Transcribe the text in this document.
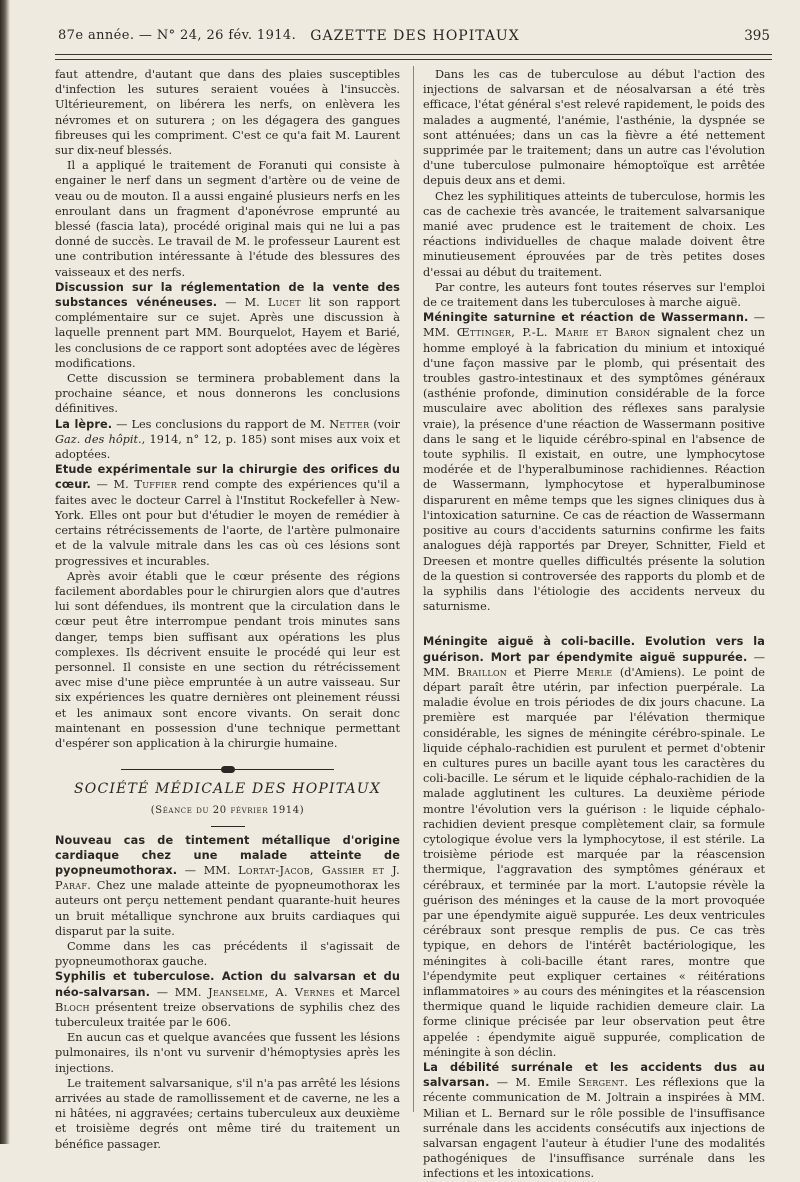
87e année. — N° 24, 26 fév. 1914.	GAZETTE DES HOPITAUX	395

faut attendre, d'autant que dans des plaies susceptibles d'infection les sutures seraient vouées à l'insuccès. Ultérieurement, on libérera les nerfs, on enlèvera les névromes et on suturera ; on les dégagera des gangues fibreuses qui les compriment. C'est ce qu'a fait M. Laurent sur dix-neuf blessés.

Il a appliqué le traitement de Foranuti qui consiste à engainer le nerf dans un segment d'artère ou de veine de veau ou de mouton. Il a aussi engainé plusieurs nerfs en les enroulant dans un fragment d'aponévrose emprunté au blessé (fascia lata), procédé original mais qui ne lui a pas donné de succès. Le travail de M. le professeur Laurent est une contribution intéressante à l'étude des blessures des vaisseaux et des nerfs.

Discussion sur la réglementation de la vente des substances vénéneuses. — M. Lucet lit son rapport complémentaire sur ce sujet. Après une discussion à laquelle prennent part MM. Bourquelot, Hayem et Barié, les conclusions de ce rapport sont adoptées avec de légères modifications.

Cette discussion se terminera probablement dans la prochaine séance, et nous donnerons les conclusions définitives.

La lèpre. — Les conclusions du rapport de M. Netter (voir Gaz. des hôpit., 1914, n° 12, p. 185) sont mises aux voix et adoptées.

Etude expérimentale sur la chirurgie des orifices du cœur. — M. Tuffier rend compte des expériences qu'il a faites avec le docteur Carrel à l'Institut Rockefeller à New-York. Elles ont pour but d'étudier le moyen de remédier à certains rétrécissements de l'aorte, de l'artère pulmonaire et de la valvule mitrale dans les cas où ces lésions sont progressives et incurables.

Après avoir établi que le cœur présente des régions facilement abordables pour le chirurgien alors que d'autres lui sont défendues, ils montrent que la circulation dans le cœur peut être interrompue pendant trois minutes sans danger, temps bien suffisant aux opérations les plus complexes. Ils décrivent ensuite le procédé qui leur est personnel. Il consiste en une section du rétrécissement avec mise d'une pièce empruntée à un autre vaisseau. Sur six expériences les quatre dernières ont pleinement réussi et les animaux sont encore vivants. On serait donc maintenant en possession d'une technique permettant d'espérer son application à la chirurgie humaine.

SOCIÉTÉ MÉDICALE DES HOPITAUX
(Séance du 20 février 1914)

Nouveau cas de tintement métallique d'origine cardiaque chez une malade atteinte de pyopneumothorax. — MM. Lortat-Jacob, Gassier et J. Paraf. Chez une malade atteinte de pyopneumothorax les auteurs ont perçu nettement pendant quarante-huit heures un bruit métallique synchrone aux bruits cardiaques qui disparut par la suite.

Comme dans les cas précédents il s'agissait de pyopneumothorax gauche.

Syphilis et tuberculose. Action du salvarsan et du néo-salvarsan. — MM. Jeanselme, A. Vernes et Marcel Bloch présentent treize observations de syphilis chez des tuberculeux traitée par le 606.

En aucun cas et quelque avancées que fussent les lésions pulmonaires, ils n'ont vu survenir d'hémoptysies après les injections.

Le traitement salvarsanique, s'il n'a pas arrêté les lésions arrivées au stade de ramollissement et de caverne, ne les a ni hâtées, ni aggravées; certains tuberculeux aux deuxième et troisième degrés ont même tiré du traitement un bénéfice passager.

Dans les cas de tuberculose au début l'action des injections de salvarsan et de néosalvarsan a été très efficace, l'état général s'est relevé rapidement, le poids des malades a augmenté, l'anémie, l'asthénie, la dyspnée se sont atténuées; dans un cas la fièvre a été nettement supprimée par le traitement; dans un autre cas l'évolution d'une tuberculose pulmonaire hémoptoïque est arrêtée depuis deux ans et demi.

Chez les syphilitiques atteints de tuberculose, hormis les cas de cachexie très avancée, le traitement salvarsanique manié avec prudence est le traitement de choix. Les réactions individuelles de chaque malade doivent être minutieusement éprouvées par de très petites doses d'essai au début du traitement.

Par contre, les auteurs font toutes réserves sur l'emploi de ce traitement dans les tuberculoses à marche aiguë.

Méningite saturnine et réaction de Wassermann. — MM. Œttinger, P.-L. Marie et Baron signalent chez un homme employé à la fabrication du minium et intoxiqué d'une façon massive par le plomb, qui présentait des troubles gastro-intestinaux et des symptômes généraux (asthénie profonde, diminution considérable de la force musculaire avec abolition des réflexes sans paralysie vraie), la présence d'une réaction de Wassermann positive dans le sang et le liquide cérébro-spinal en l'absence de toute syphilis. Il existait, en outre, une lymphocytose modérée et de l'hyperalbuminose rachidiennes. Réaction de Wassermann, lymphocytose et hyperalbuminose disparurent en même temps que les signes cliniques dus à l'intoxication saturnine. Ce cas de réaction de Wassermann positive au cours d'accidents saturnins confirme les faits analogues déjà rapportés par Dreyer, Schnitter, Field et Dreesen et montre quelles difficultés présente la solution de la question si controversée des rapports du plomb et de la syphilis dans l'étiologie des accidents nerveux du saturnisme.

Méningite aiguë à coli-bacille. Evolution vers la guérison. Mort par épendymite aiguë suppurée. — MM. Braillon et Pierre Merle (d'Amiens). Le point de départ paraît être utérin, par infection puerpérale. La maladie évolue en trois périodes de dix jours chacune. La première est marquée par l'élévation thermique considérable, les signes de méningite cérébro-spinale. Le liquide céphalo-rachidien est purulent et permet d'obtenir en cultures pures un bacille ayant tous les caractères du coli-bacille. Le sérum et le liquide céphalo-rachidien de la malade agglutinent les cultures. La deuxième période montre l'évolution vers la guérison : le liquide céphalo-rachidien devient presque complètement clair, sa formule cytologique évolue vers la lymphocytose, il est stérile. La troisième période est marquée par la réascension thermique, l'aggravation des symptômes généraux et cérébraux, et terminée par la mort. L'autopsie révèle la guérison des méninges et la cause de la mort provoquée par une épendymite aiguë suppurée. Les deux ventricules cérébraux sont presque remplis de pus. Ce cas très typique, en dehors de l'intérêt bactériologique, les méningites à coli-bacille étant rares, montre que l'épendymite peut expliquer certaines « réitérations inflammatoires » au cours des méningites et la réascension thermique quand le liquide rachidien demeure clair. La forme clinique précisée par leur observation peut être appelée : épendymite aiguë suppurée, complication de méningite à son déclin.

La débilité surrénale et les accidents dus au salvarsan. — M. Emile Sergent. Les réflexions que la récente communication de M. Joltrain a inspirées à MM. Milian et L. Bernard sur le rôle possible de l'insuffisance surrénale dans les accidents consécutifs aux injections de salvarsan engagent l'auteur à étudier l'une des modalités pathogéniques de l'insuffisance surrénale dans les infections et les intoxications.
